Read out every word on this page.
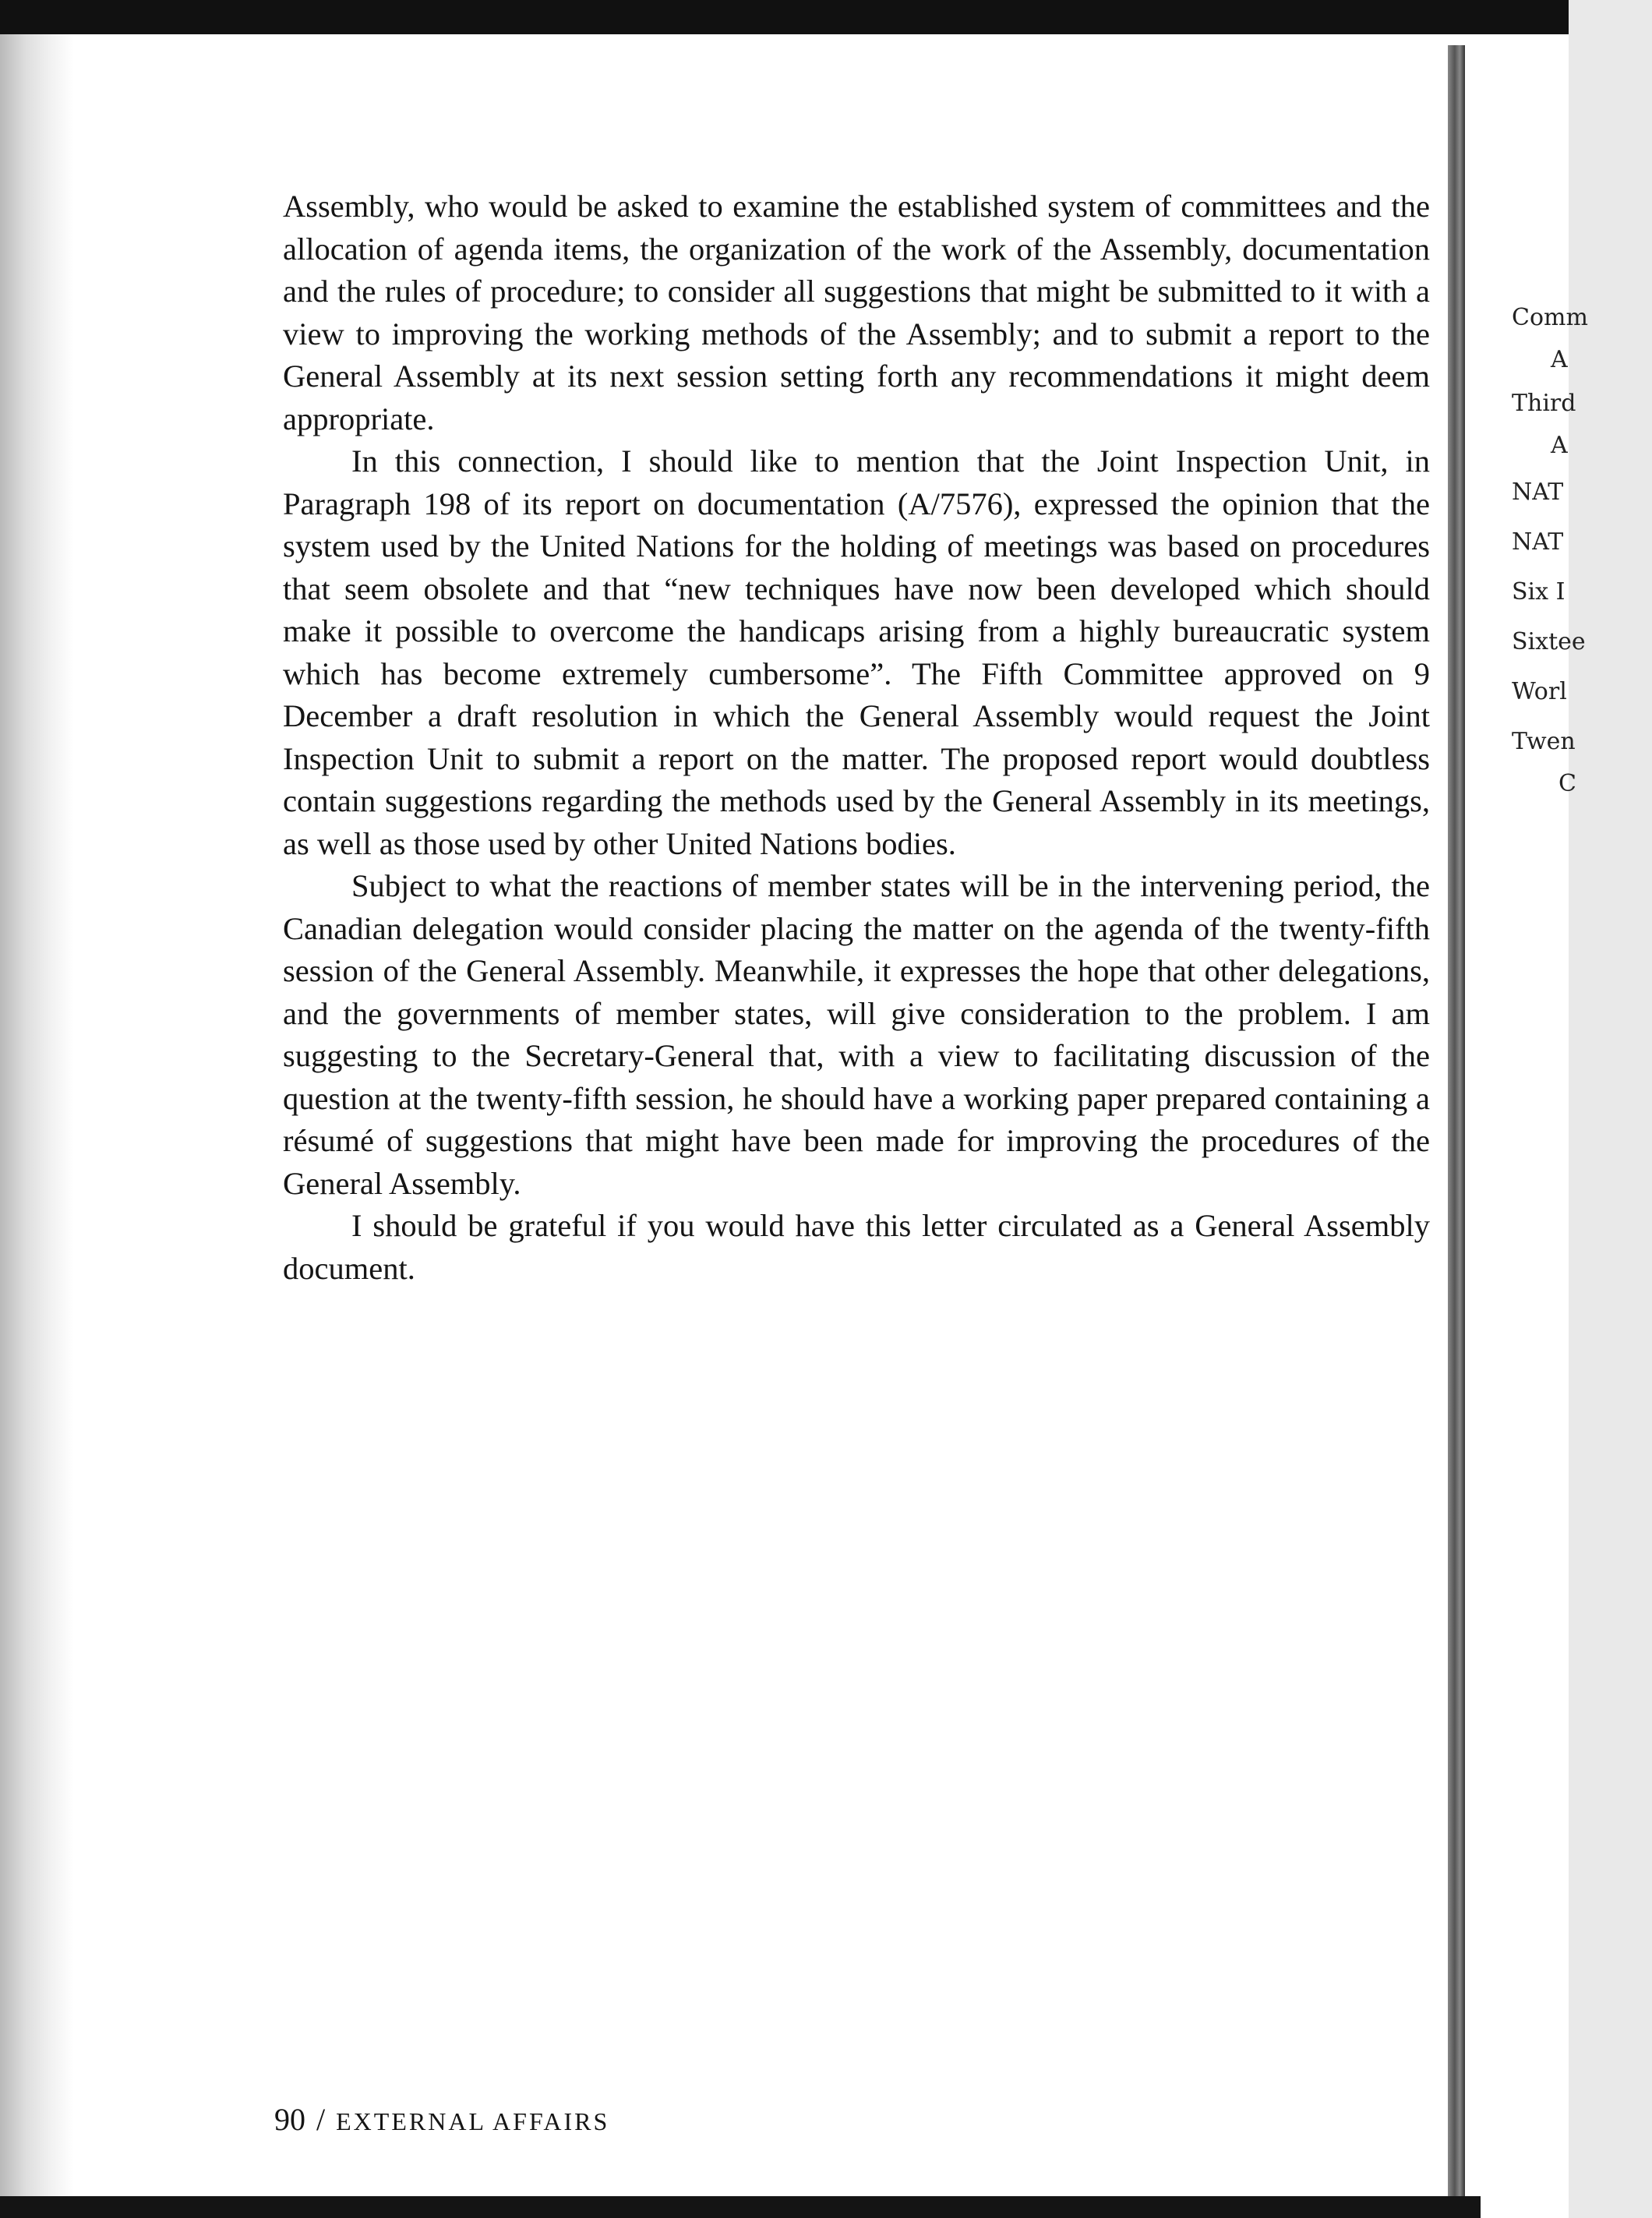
Assembly, who would be asked to examine the established system of committees and the allocation of agenda items, the organization of the work of the Assembly, documentation and the rules of procedure; to consider all suggestions that might be submitted to it with a view to improving the working methods of the Assembly; and to submit a report to the General Assembly at its next session setting forth any recommendations it might deem appropriate.

In this connection, I should like to mention that the Joint Inspection Unit, in Paragraph 198 of its report on documentation (A/7576), expressed the opinion that the system used by the United Nations for the holding of meetings was based on procedures that seem obsolete and that “new techniques have now been developed which should make it possible to overcome the handicaps arising from a highly bureaucratic system which has become extremely cumbersome”. The Fifth Committee approved on 9 December a draft resolution in which the General Assembly would request the Joint Inspection Unit to submit a report on the matter. The proposed report would doubtless contain suggestions regarding the methods used by the General Assembly in its meetings, as well as those used by other United Nations bodies.

Subject to what the reactions of member states will be in the intervening period, the Canadian delegation would consider placing the matter on the agenda of the twenty-fifth session of the General Assembly. Meanwhile, it expresses the hope that other delegations, and the governments of member states, will give consideration to the problem. I am suggesting to the Secretary-General that, with a view to facilitating discussion of the question at the twenty-fifth session, he should have a working paper prepared containing a résumé of suggestions that might have been made for improving the procedures of the General Assembly.

I should be grateful if you would have this letter circulated as a General Assembly document.

90 / EXTERNAL AFFAIRS
Comm
A
Third
A
NAT
NAT
Six I
Sixtee
Worl
Twen
C
